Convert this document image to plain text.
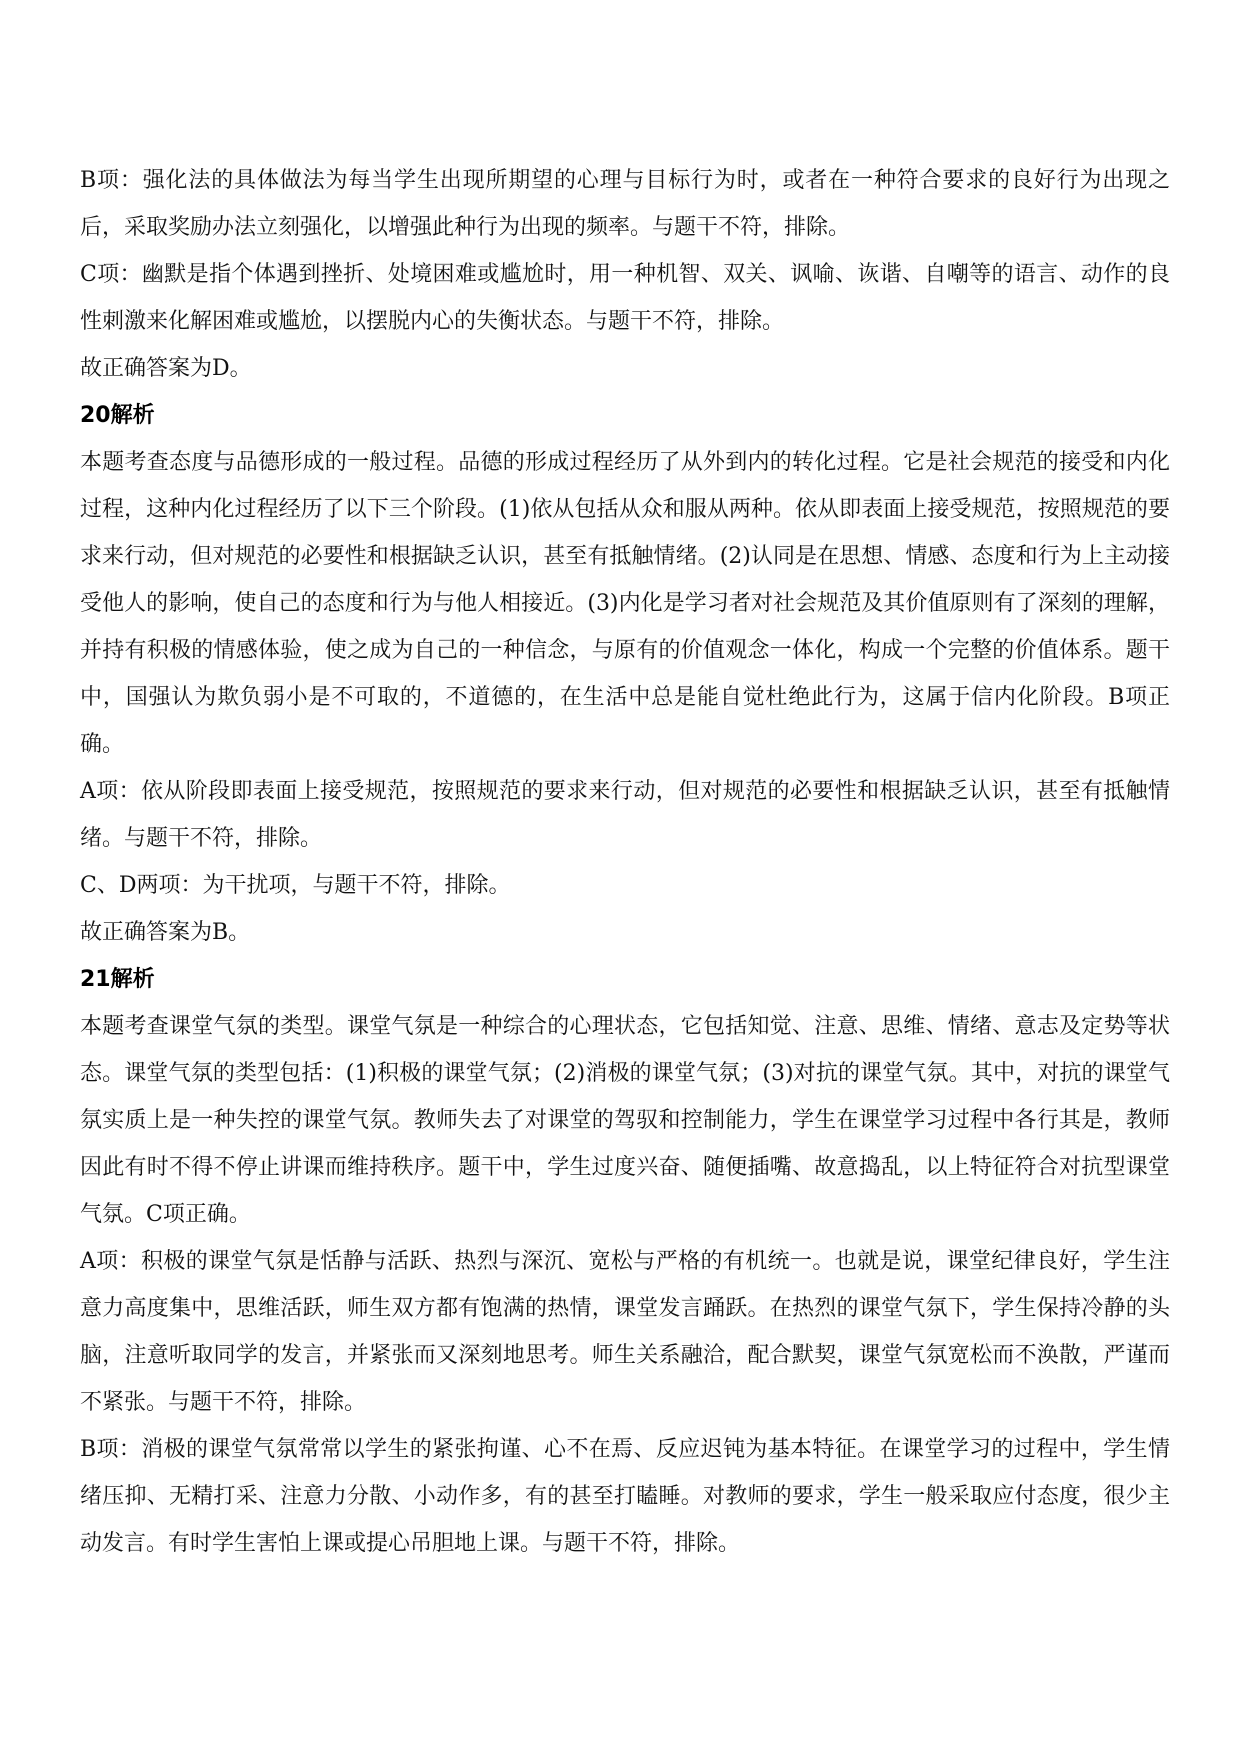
B项：强化法的具体做法为每当学生出现所期望的心理与目标行为时，或者在一种符合要求的良好行为出现之后，采取奖励办法立刻强化，以增强此种行为出现的频率。与题干不符，排除。

C项：幽默是指个体遇到挫折、处境困难或尴尬时，用一种机智、双关、讽喻、诙谐、自嘲等的语言、动作的良性刺激来化解困难或尴尬，以摆脱内心的失衡状态。与题干不符，排除。

故正确答案为D。

20解析

本题考查态度与品德形成的一般过程。品德的形成过程经历了从外到内的转化过程。它是社会规范的接受和内化过程，这种内化过程经历了以下三个阶段。(1)依从包括从众和服从两种。依从即表面上接受规范，按照规范的要求来行动，但对规范的必要性和根据缺乏认识，甚至有抵触情绪。(2)认同是在思想、情感、态度和行为上主动接受他人的影响，使自己的态度和行为与他人相接近。(3)内化是学习者对社会规范及其价值原则有了深刻的理解，并持有积极的情感体验，使之成为自己的一种信念，与原有的价值观念一体化，构成一个完整的价值体系。题干中，国强认为欺负弱小是不可取的，不道德的，在生活中总是能自觉杜绝此行为，这属于信内化阶段。B项正确。

A项：依从阶段即表面上接受规范，按照规范的要求来行动，但对规范的必要性和根据缺乏认识，甚至有抵触情绪。与题干不符，排除。

C、D两项：为干扰项，与题干不符，排除。

故正确答案为B。

21解析

本题考查课堂气氛的类型。课堂气氛是一种综合的心理状态，它包括知觉、注意、思维、情绪、意志及定势等状态。课堂气氛的类型包括：(1)积极的课堂气氛；(2)消极的课堂气氛；(3)对抗的课堂气氛。其中，对抗的课堂气氛实质上是一种失控的课堂气氛。教师失去了对课堂的驾驭和控制能力，学生在课堂学习过程中各行其是，教师因此有时不得不停止讲课而维持秩序。题干中，学生过度兴奋、随便插嘴、故意捣乱，以上特征符合对抗型课堂气氛。C项正确。

A项：积极的课堂气氛是恬静与活跃、热烈与深沉、宽松与严格的有机统一。也就是说，课堂纪律良好，学生注意力高度集中，思维活跃，师生双方都有饱满的热情，课堂发言踊跃。在热烈的课堂气氛下，学生保持冷静的头脑，注意听取同学的发言，并紧张而又深刻地思考。师生关系融洽，配合默契，课堂气氛宽松而不涣散，严谨而不紧张。与题干不符，排除。

B项：消极的课堂气氛常常以学生的紧张拘谨、心不在焉、反应迟钝为基本特征。在课堂学习的过程中，学生情绪压抑、无精打采、注意力分散、小动作多，有的甚至打瞌睡。对教师的要求，学生一般采取应付态度，很少主动发言。有时学生害怕上课或提心吊胆地上课。与题干不符，排除。
